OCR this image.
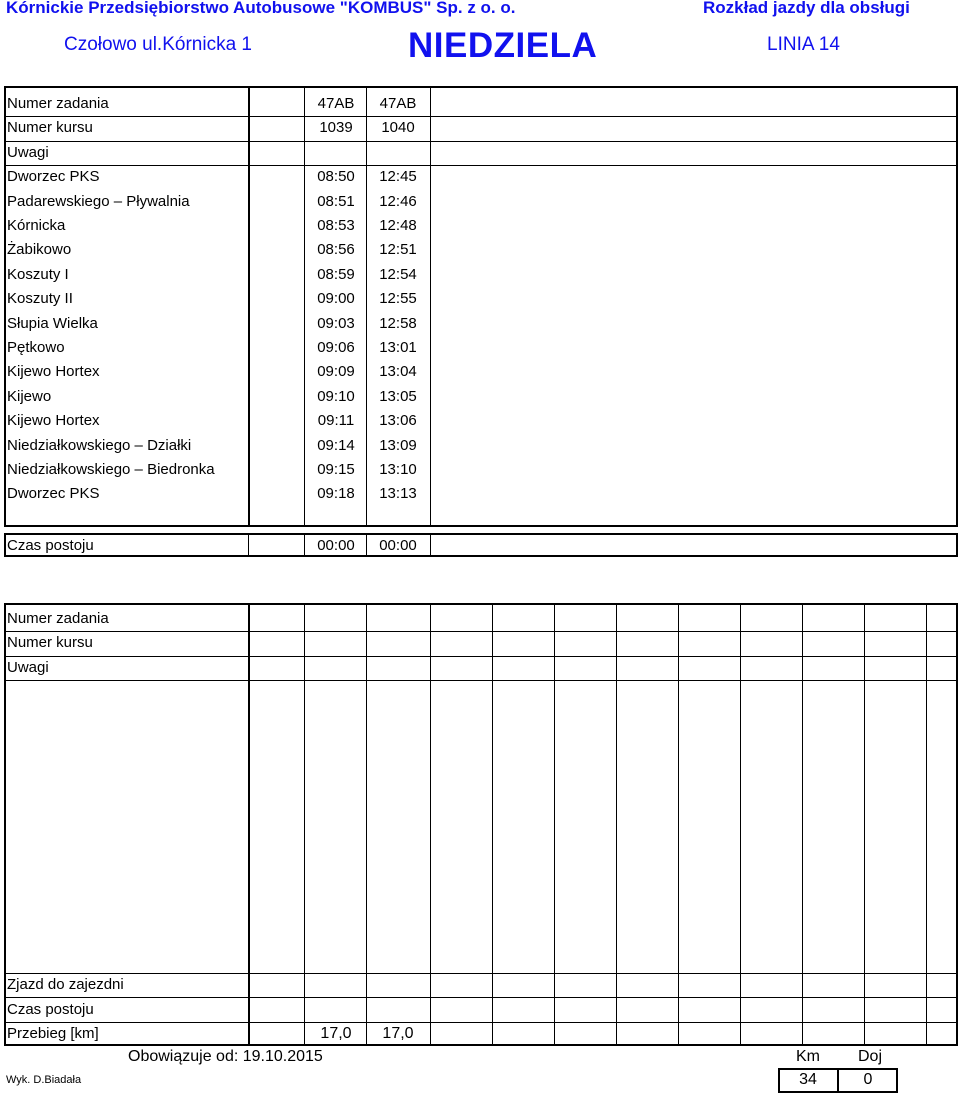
Kórnickie Przedsiębiorstwo Autobusowe "KOMBUS" Sp. z o. o.	Rozkład jazdy dla obsługi
Czołowo ul.Kórnicka 1	NIEDZIELA	LINIA 14
Numer zadania	47AB	47AB
Numer kursu	1039	1040
Uwagi
Dworzec PKS	08:50	12:45
Padarewskiego – Pływalnia	08:51	12:46
Kórnicka	08:53	12:48
Żabikowo	08:56	12:51
Koszuty I	08:59	12:54
Koszuty II	09:00	12:55
Słupia Wielka	09:03	12:58
Pętkowo	09:06	13:01
Kijewo Hortex	09:09	13:04
Kijewo	09:10	13:05
Kijewo Hortex	09:11	13:06
Niedziałkowskiego – Działki	09:14	13:09
Niedziałkowskiego – Biedronka	09:15	13:10
Dworzec PKS	09:18	13:13
Czas postoju	00:00	00:00
Numer zadania
Numer kursu
Uwagi
Zjazd do zajezdni
Czas postoju
Przebieg [km]	17,0	17,0
Obowiązuje od: 19.10.2015
Wyk. D.Biadała
Km Doj
34	0
